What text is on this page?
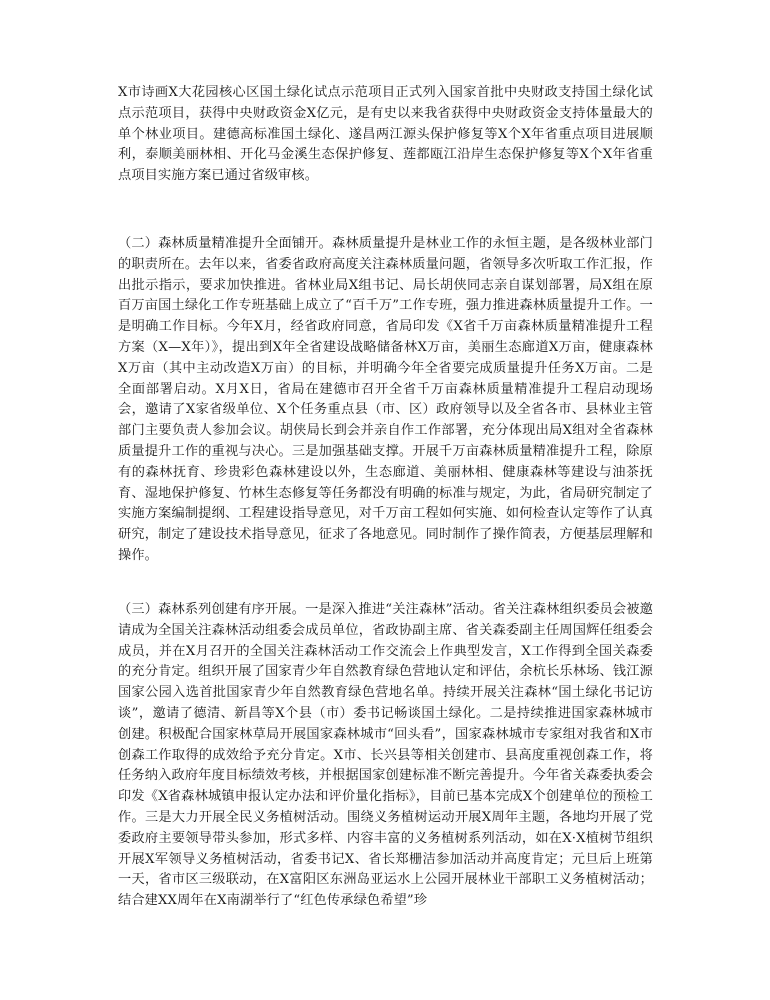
X市诗画X大花园核心区国土绿化试点示范项目正式列入国家首批中央财政支持国土绿化试点示范项目，获得中央财政资金X亿元，是有史以来我省获得中央财政资金支持体量最大的单个林业项目。建德高标准国土绿化、遂昌两江源头保护修复等X个X年省重点项目进展顺利，泰顺美丽林相、开化马金溪生态保护修复、莲都瓯江沿岸生态保护修复等X个X年省重点项目实施方案已通过省级审核。

（二）森林质量精准提升全面铺开。森林质量提升是林业工作的永恒主题，是各级林业部门的职责所在。去年以来，省委省政府高度关注森林质量问题，省领导多次听取工作汇报，作出批示指示，要求加快推进。省林业局X组书记、局长胡侠同志亲自谋划部署，局X组在原百万亩国土绿化工作专班基础上成立了“百千万”工作专班，强力推进森林质量提升工作。一是明确工作目标。今年X月，经省政府同意，省局印发《X省千万亩森林质量精准提升工程方案（X—X年）》，提出到X年全省建设战略储备林X万亩，美丽生态廊道X万亩，健康森林X万亩（其中主动改造X万亩）的目标，并明确今年全省要完成质量提升任务X万亩。二是全面部署启动。X月X日，省局在建德市召开全省千万亩森林质量精准提升工程启动现场会，邀请了X家省级单位、X个任务重点县（市、区）政府领导以及全省各市、县林业主管部门主要负责人参加会议。胡侠局长到会并亲自作工作部署，充分体现出局X组对全省森林质量提升工作的重视与决心。三是加强基础支撑。开展千万亩森林质量精准提升工程，除原有的森林抚育、珍贵彩色森林建设以外，生态廊道、美丽林相、健康森林等建设与油茶抚育、湿地保护修复、竹林生态修复等任务都没有明确的标准与规定，为此，省局研究制定了实施方案编制提纲、工程建设指导意见，对千万亩工程如何实施、如何检查认定等作了认真研究，制定了建设技术指导意见，征求了各地意见。同时制作了操作简表，方便基层理解和操作。

（三）森林系列创建有序开展。一是深入推进“关注森林”活动。省关注森林组织委员会被邀请成为全国关注森林活动组委会成员单位，省政协副主席、省关森委副主任周国辉任组委会成员，并在X月召开的全国关注森林活动工作交流会上作典型发言，X工作得到全国关森委的充分肯定。组织开展了国家青少年自然教育绿色营地认定和评估，余杭长乐林场、钱江源国家公园入选首批国家青少年自然教育绿色营地名单。持续开展关注森林“国土绿化书记访谈”，邀请了德清、新昌等X个县（市）委书记畅谈国土绿化。二是持续推进国家森林城市创建。积极配合国家林草局开展国家森林城市“回头看”，国家森林城市专家组对我省和X市创森工作取得的成效给予充分肯定。X市、长兴县等相关创建市、县高度重视创森工作，将任务纳入政府年度目标绩效考核，并根据国家创建标准不断完善提升。今年省关森委执委会印发《X省森林城镇申报认定办法和评价量化指标》，目前已基本完成X个创建单位的预检工作。三是大力开展全民义务植树活动。围绕义务植树运动开展X周年主题，各地均开展了党委政府主要领导带头参加，形式多样、内容丰富的义务植树系列活动，如在X·X植树节组织开展X军领导义务植树活动，省委书记X、省长郑栅洁参加活动并高度肯定；元旦后上班第一天，省市区三级联动，在X富阳区东洲岛亚运水上公园开展林业干部职工义务植树活动；结合建XX周年在X南湖举行了“红色传承绿色希望”珍
